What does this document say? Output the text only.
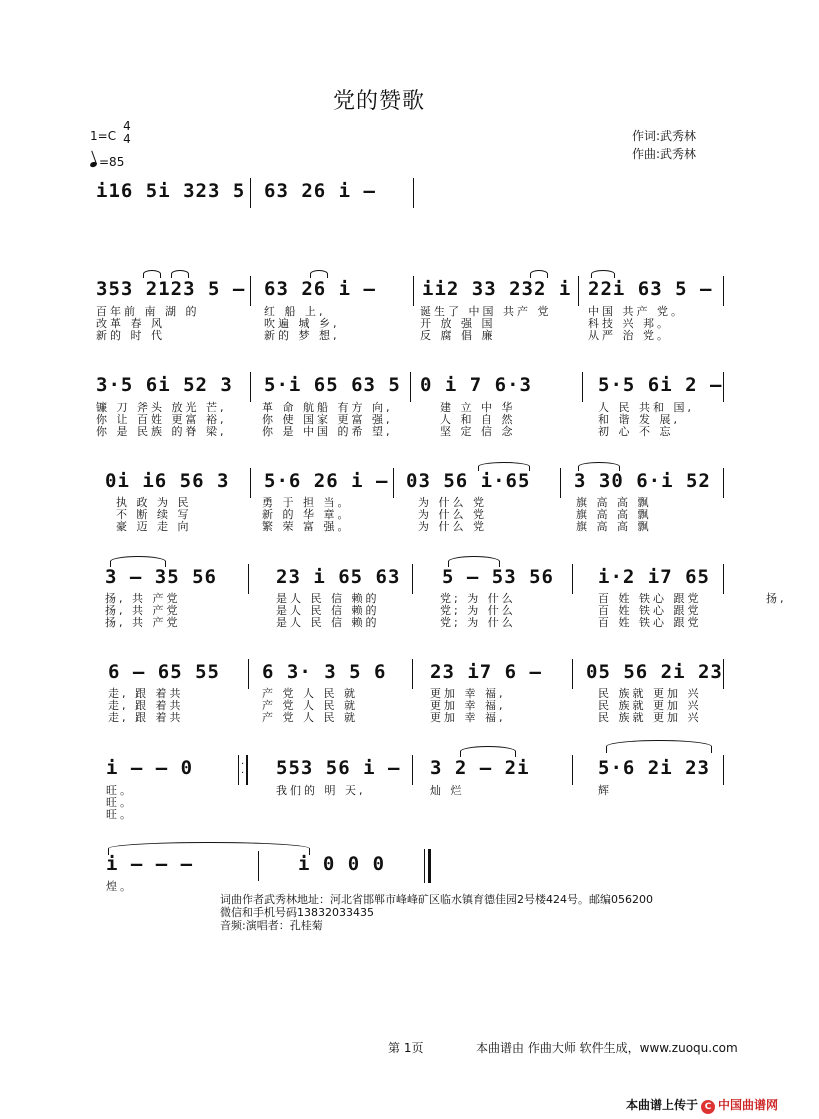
党的赞歌
1=C
4
4
=85
作词:武秀林
作曲:武秀林
i16 5i 323 5 63 26 i –
353 2123 5 – 63 26 i – ii2 33 232 i 22i 63 5 –
百年前 南 湖 的	红 船 上,	诞生了 中国 共产 党	中国 共产 党。
改革 春 风	吹遍 城 乡,	开 放 强 国	科技 兴 邦。
新的 时 代	新的 梦 想,	反 腐 倡 廉	从严 治 党。
3·5 6i 52 3 5·i 65 63 5 0 i 7 6·3	5·5 6i 2 –
镰 刀 斧头 放光 芒,	革 命 航船 有方 向,	建 立 中 华	人 民 共和 国,
你 让 百姓 更富 裕,	你 使 国家 更富 强,	人 和 自 然	和 谐 发 展,
你 是 民族 的脊 梁,	你 是 中国 的希 望,	坚 定 信 念	初 心 不 忘
0i i6 56 3 5·6 26 i – 03 56 i·65 3 30 6·i 52
执 政 为 民	勇 于 担 当。	为 什么 党	旗 高 高 飘
不 断 续 写	新 的 华 章。	为 什么 党	旗 高 高 飘
豪 迈 走 向	繁 荣 富 强。	为 什么 党	旗 高 高 飘
3 – 35 56	23 i 65 63 5 – 53 56 i·2 i7 65
扬, 共 产党	是人 民 信 赖的	党; 为 什么	百 姓 铁心 跟党	扬,
扬, 共 产党	是人 民 信 赖的	党; 为 什么	百 姓 铁心 跟党
扬, 共 产党	是人 民 信 赖的	党; 为 什么	百 姓 铁心 跟党
6 – 65 55 6 3· 3 5 6 23 i7 6 – 05 56 2i 23
走, 跟 着共	产 党 人 民 就	更加 幸 福,	民 族就 更加 兴
走, 跟 着共	产 党 人 民 就	更加 幸 福,	民 族就 更加 兴
走, 跟 着共	产 党 人 民 就	更加 幸 福,	民 族就 更加 兴
i – – 0	·
· 553 56 i – 3 2 – 2i	5·6 2i 23
旺。	我们的 明 天,	灿 烂	辉
旺。
旺。
i – – –	i 0 0 0
煌。
词曲作者武秀林地址：河北省邯郸市峰峰矿区临水镇育德佳园2号楼424号。邮编056200
微信和手机号码13832033435
音频:演唱者：孔桂菊
第 1页	本曲谱由 作曲大师 软件生成，www.zuoqu.com
本曲谱上传于 C 中国曲谱网
